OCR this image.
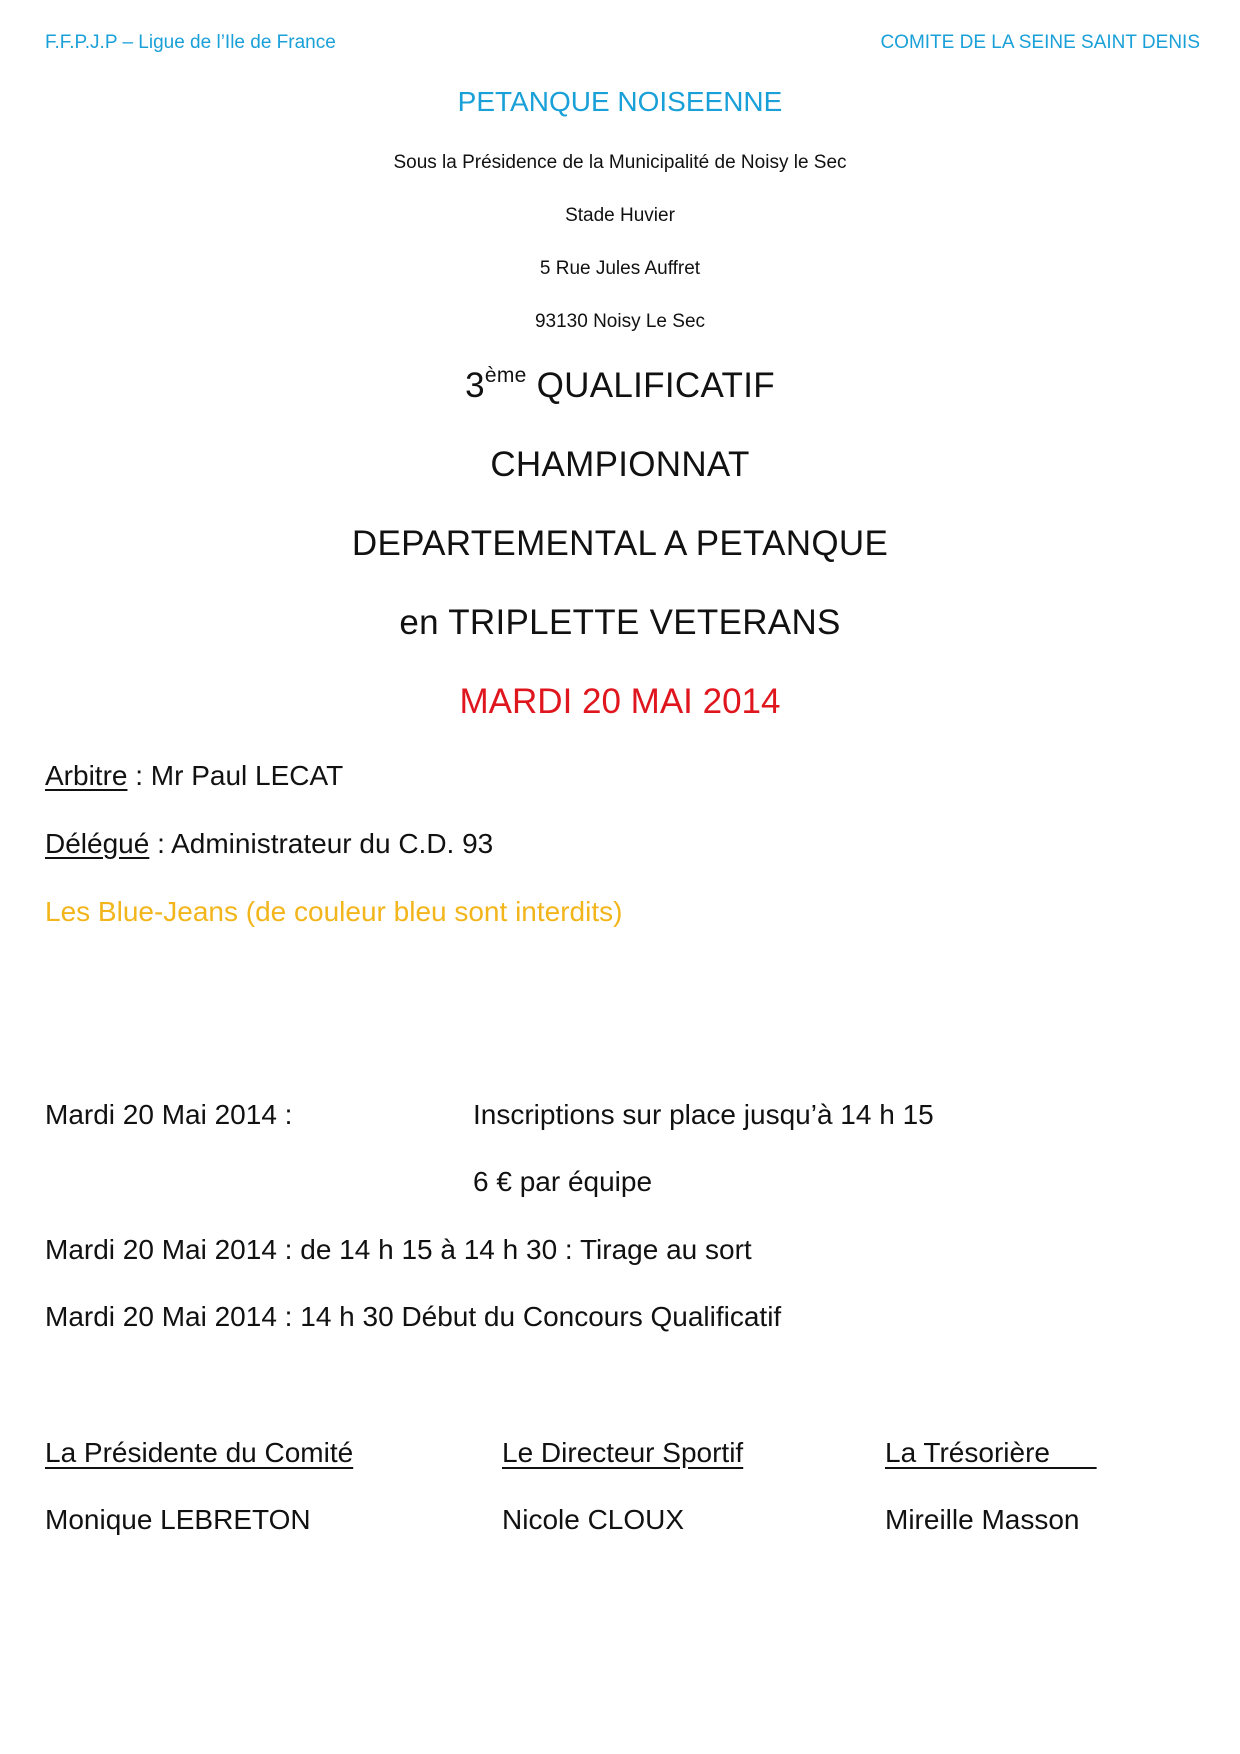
F.F.P.J.P – Ligue de l’Ile de France	COMITE DE LA SEINE SAINT DENIS
PETANQUE NOISEENNE
Sous la Présidence de la Municipalité de Noisy le Sec
Stade Huvier
5 Rue Jules Auffret
93130 Noisy Le Sec
3ème QUALIFICATIF
CHAMPIONNAT
DEPARTEMENTAL A PETANQUE
en TRIPLETTE VETERANS
MARDI 20 MAI 2014
Arbitre : Mr Paul LECAT
Délégué : Administrateur du C.D. 93
Les Blue-Jeans (de couleur bleu sont interdits)
Mardi 20 Mai 2014 :	Inscriptions sur place jusqu’à 14 h 15
6 € par équipe
Mardi 20 Mai 2014 : de 14 h 15 à 14 h 30 : Tirage au sort
Mardi 20 Mai 2014 : 14 h 30 Début du Concours Qualificatif
La Présidente du Comité	Le Directeur Sportif	La Trésorière
Monique LEBRETON	Nicole CLOUX	Mireille Masson
